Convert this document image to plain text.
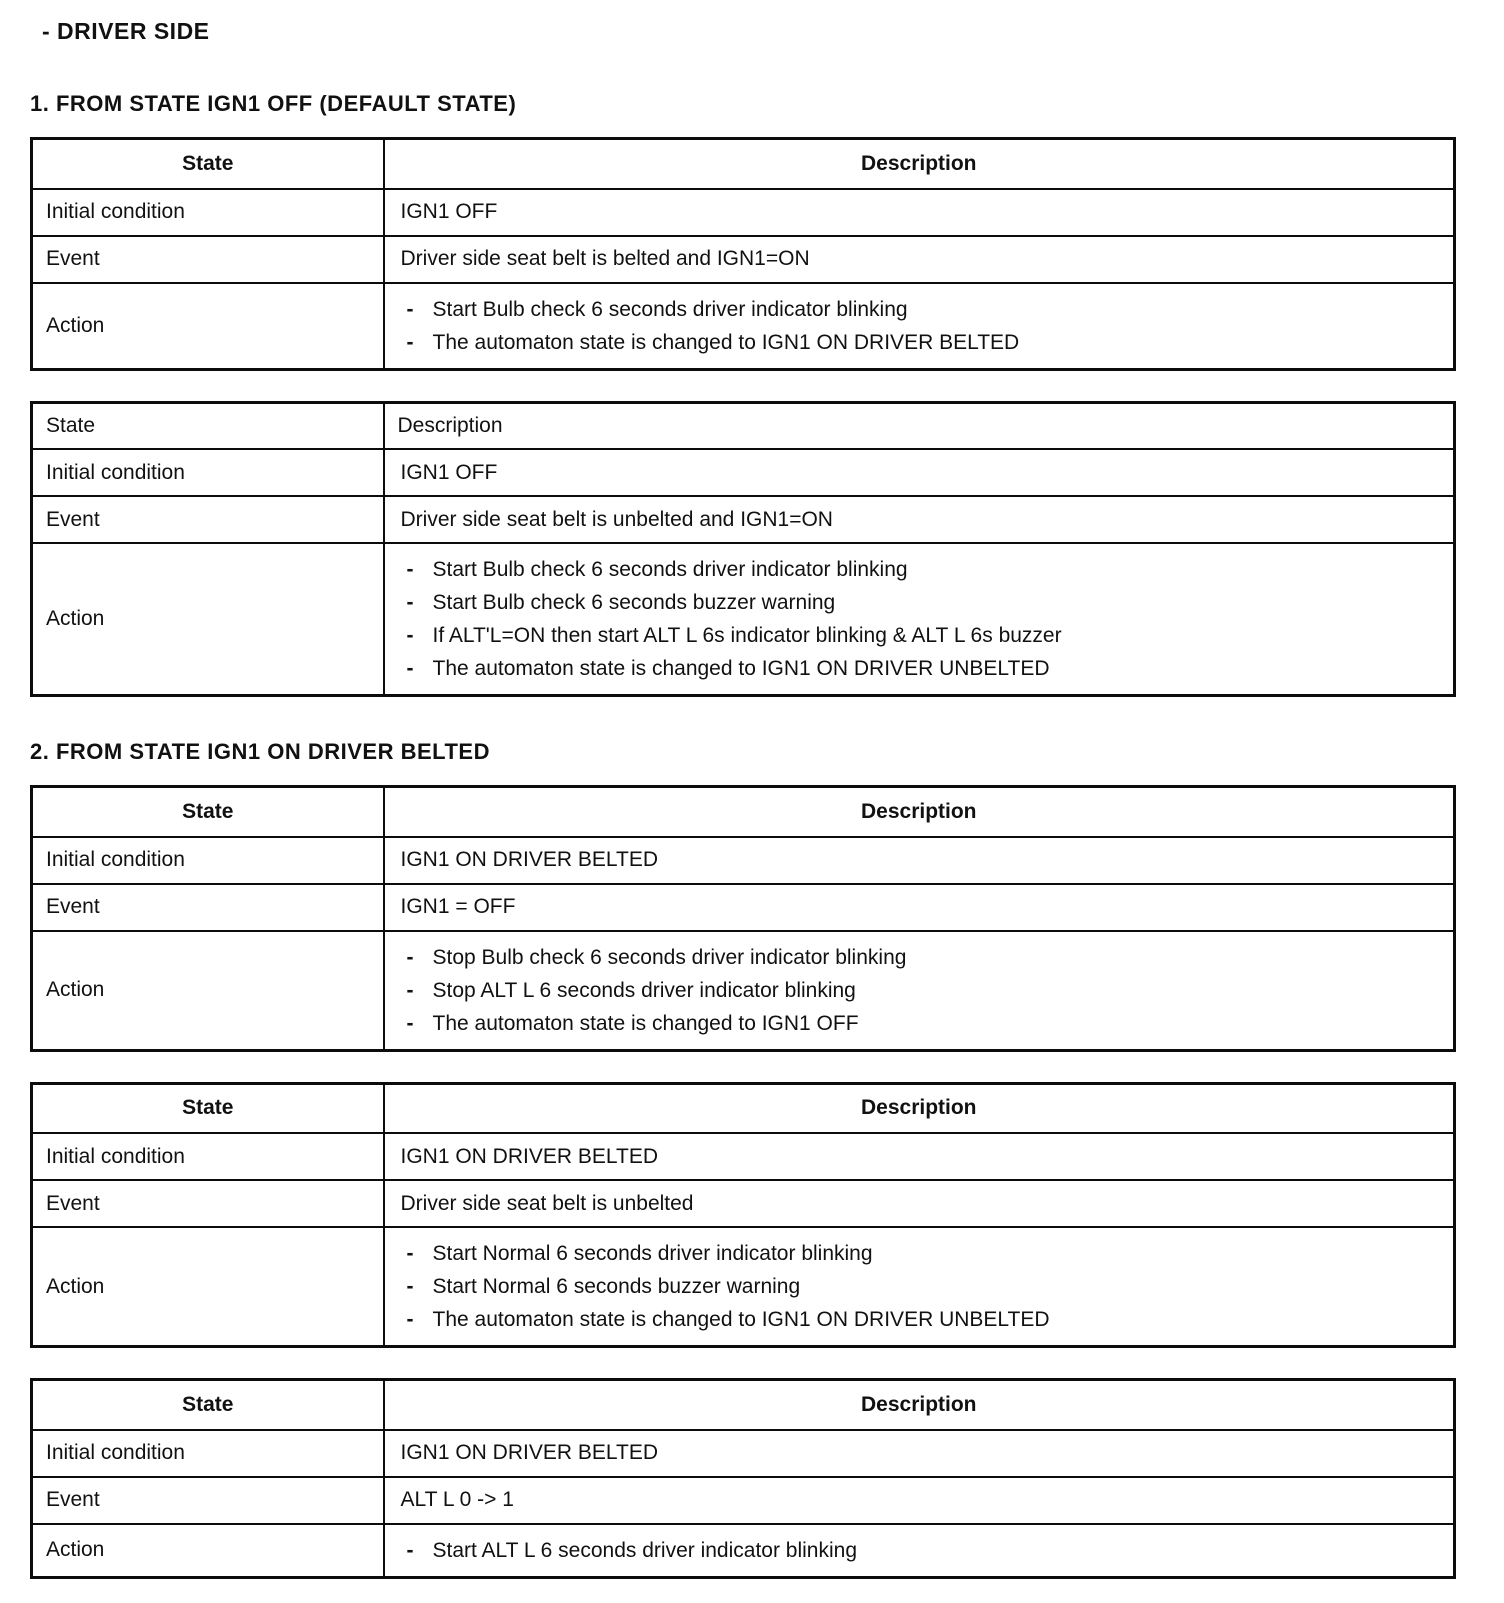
- DRIVER SIDE
1. FROM STATE IGN1 OFF (DEFAULT STATE)
State	Description
Initial condition	IGN1 OFF
Event	Driver side seat belt is belted and IGN1=ON
Action	- Start Bulb check 6 seconds driver indicator blinking
- The automaton state is changed to IGN1 ON DRIVER BELTED
State	Description
Initial condition	IGN1 OFF
Event	Driver side seat belt is unbelted and IGN1=ON
Action	
- Start Bulb check 6 seconds driver indicator blinking
- Start Bulb check 6 seconds buzzer warning
- If ALT'L=ON then start ALT L 6s indicator blinking & ALT L 6s buzzer
- The automaton state is changed to IGN1 ON DRIVER UNBELTED
2. FROM STATE IGN1 ON DRIVER BELTED
State	Description
Initial condition	IGN1 ON DRIVER BELTED
Event	IGN1 = OFF
Action	
- Stop Bulb check 6 seconds driver indicator blinking
- Stop ALT L 6 seconds driver indicator blinking
- The automaton state is changed to IGN1 OFF
State	Description
Initial condition	IGN1 ON DRIVER BELTED
Event	Driver side seat belt is unbelted
Action	
- Start Normal 6 seconds driver indicator blinking
- Start Normal 6 seconds buzzer warning
- The automaton state is changed to IGN1 ON DRIVER UNBELTED
State	Description
Initial condition	IGN1 ON DRIVER BELTED
Event	ALT L 0 -> 1
Action	- Start ALT L 6 seconds driver indicator blinking
